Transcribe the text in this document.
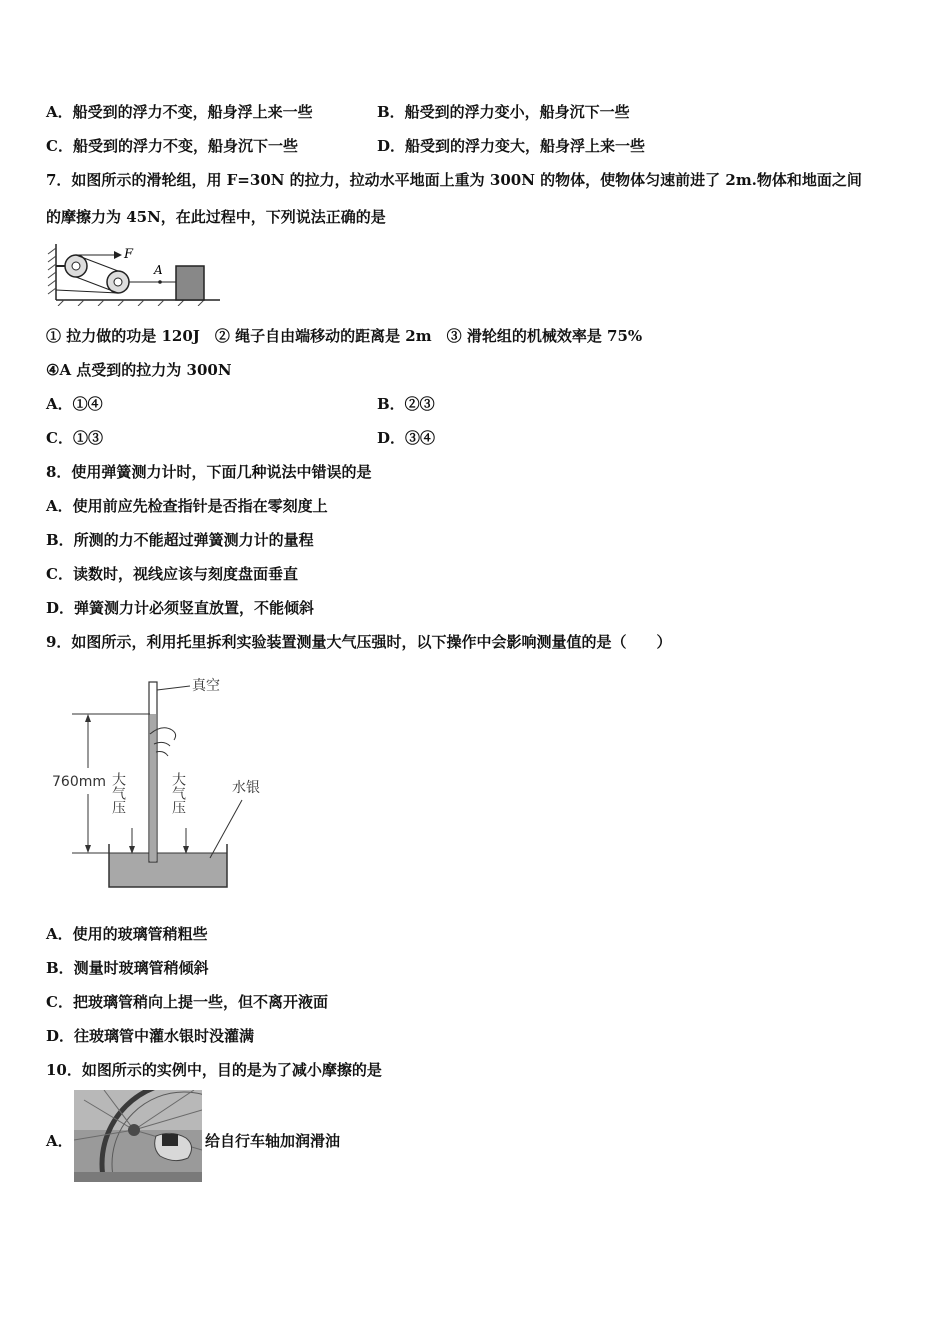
A．船受到的浮力不变，船身浮上来一些	B．船受到的浮力变小，船身沉下一些
C．船受到的浮力不变，船身沉下一些	D．船受到的浮力变大，船身浮上来一些
7．如图所示的滑轮组，用 F=30N 的拉力，拉动水平地面上重为 300N 的物体，使物体匀速前进了 2m.物体和地面之间
的摩擦力为 45N，在此过程中，下列说法正确的是
F
A
① 拉力做的功是 120J　② 绳子自由端移动的距离是 2m　③ 滑轮组的机械效率是 75%
④A 点受到的拉力为 300N
A．①④	B．②③
C．①③	D．③④
8．使用弹簧测力计时，下面几种说法中错误的是
A．使用前应先检查指针是否指在零刻度上
B．所测的力不能超过弹簧测力计的量程
C．读数时，视线应该与刻度盘面垂直
D．弹簧测力计必须竖直放置，不能倾斜
9．如图所示，利用托里拆利实验装置测量大气压强时，以下操作中会影响测量值的是（　　）
760mm
真空
大气压	大气压	水银
A．使用的玻璃管稍粗些
B．测量时玻璃管稍倾斜
C．把玻璃管稍向上提一些，但不离开液面
D．往玻璃管中灌水银时没灌满
10．如图所示的实例中，目的是为了减小摩擦的是
A．	给自行车轴加润滑油
